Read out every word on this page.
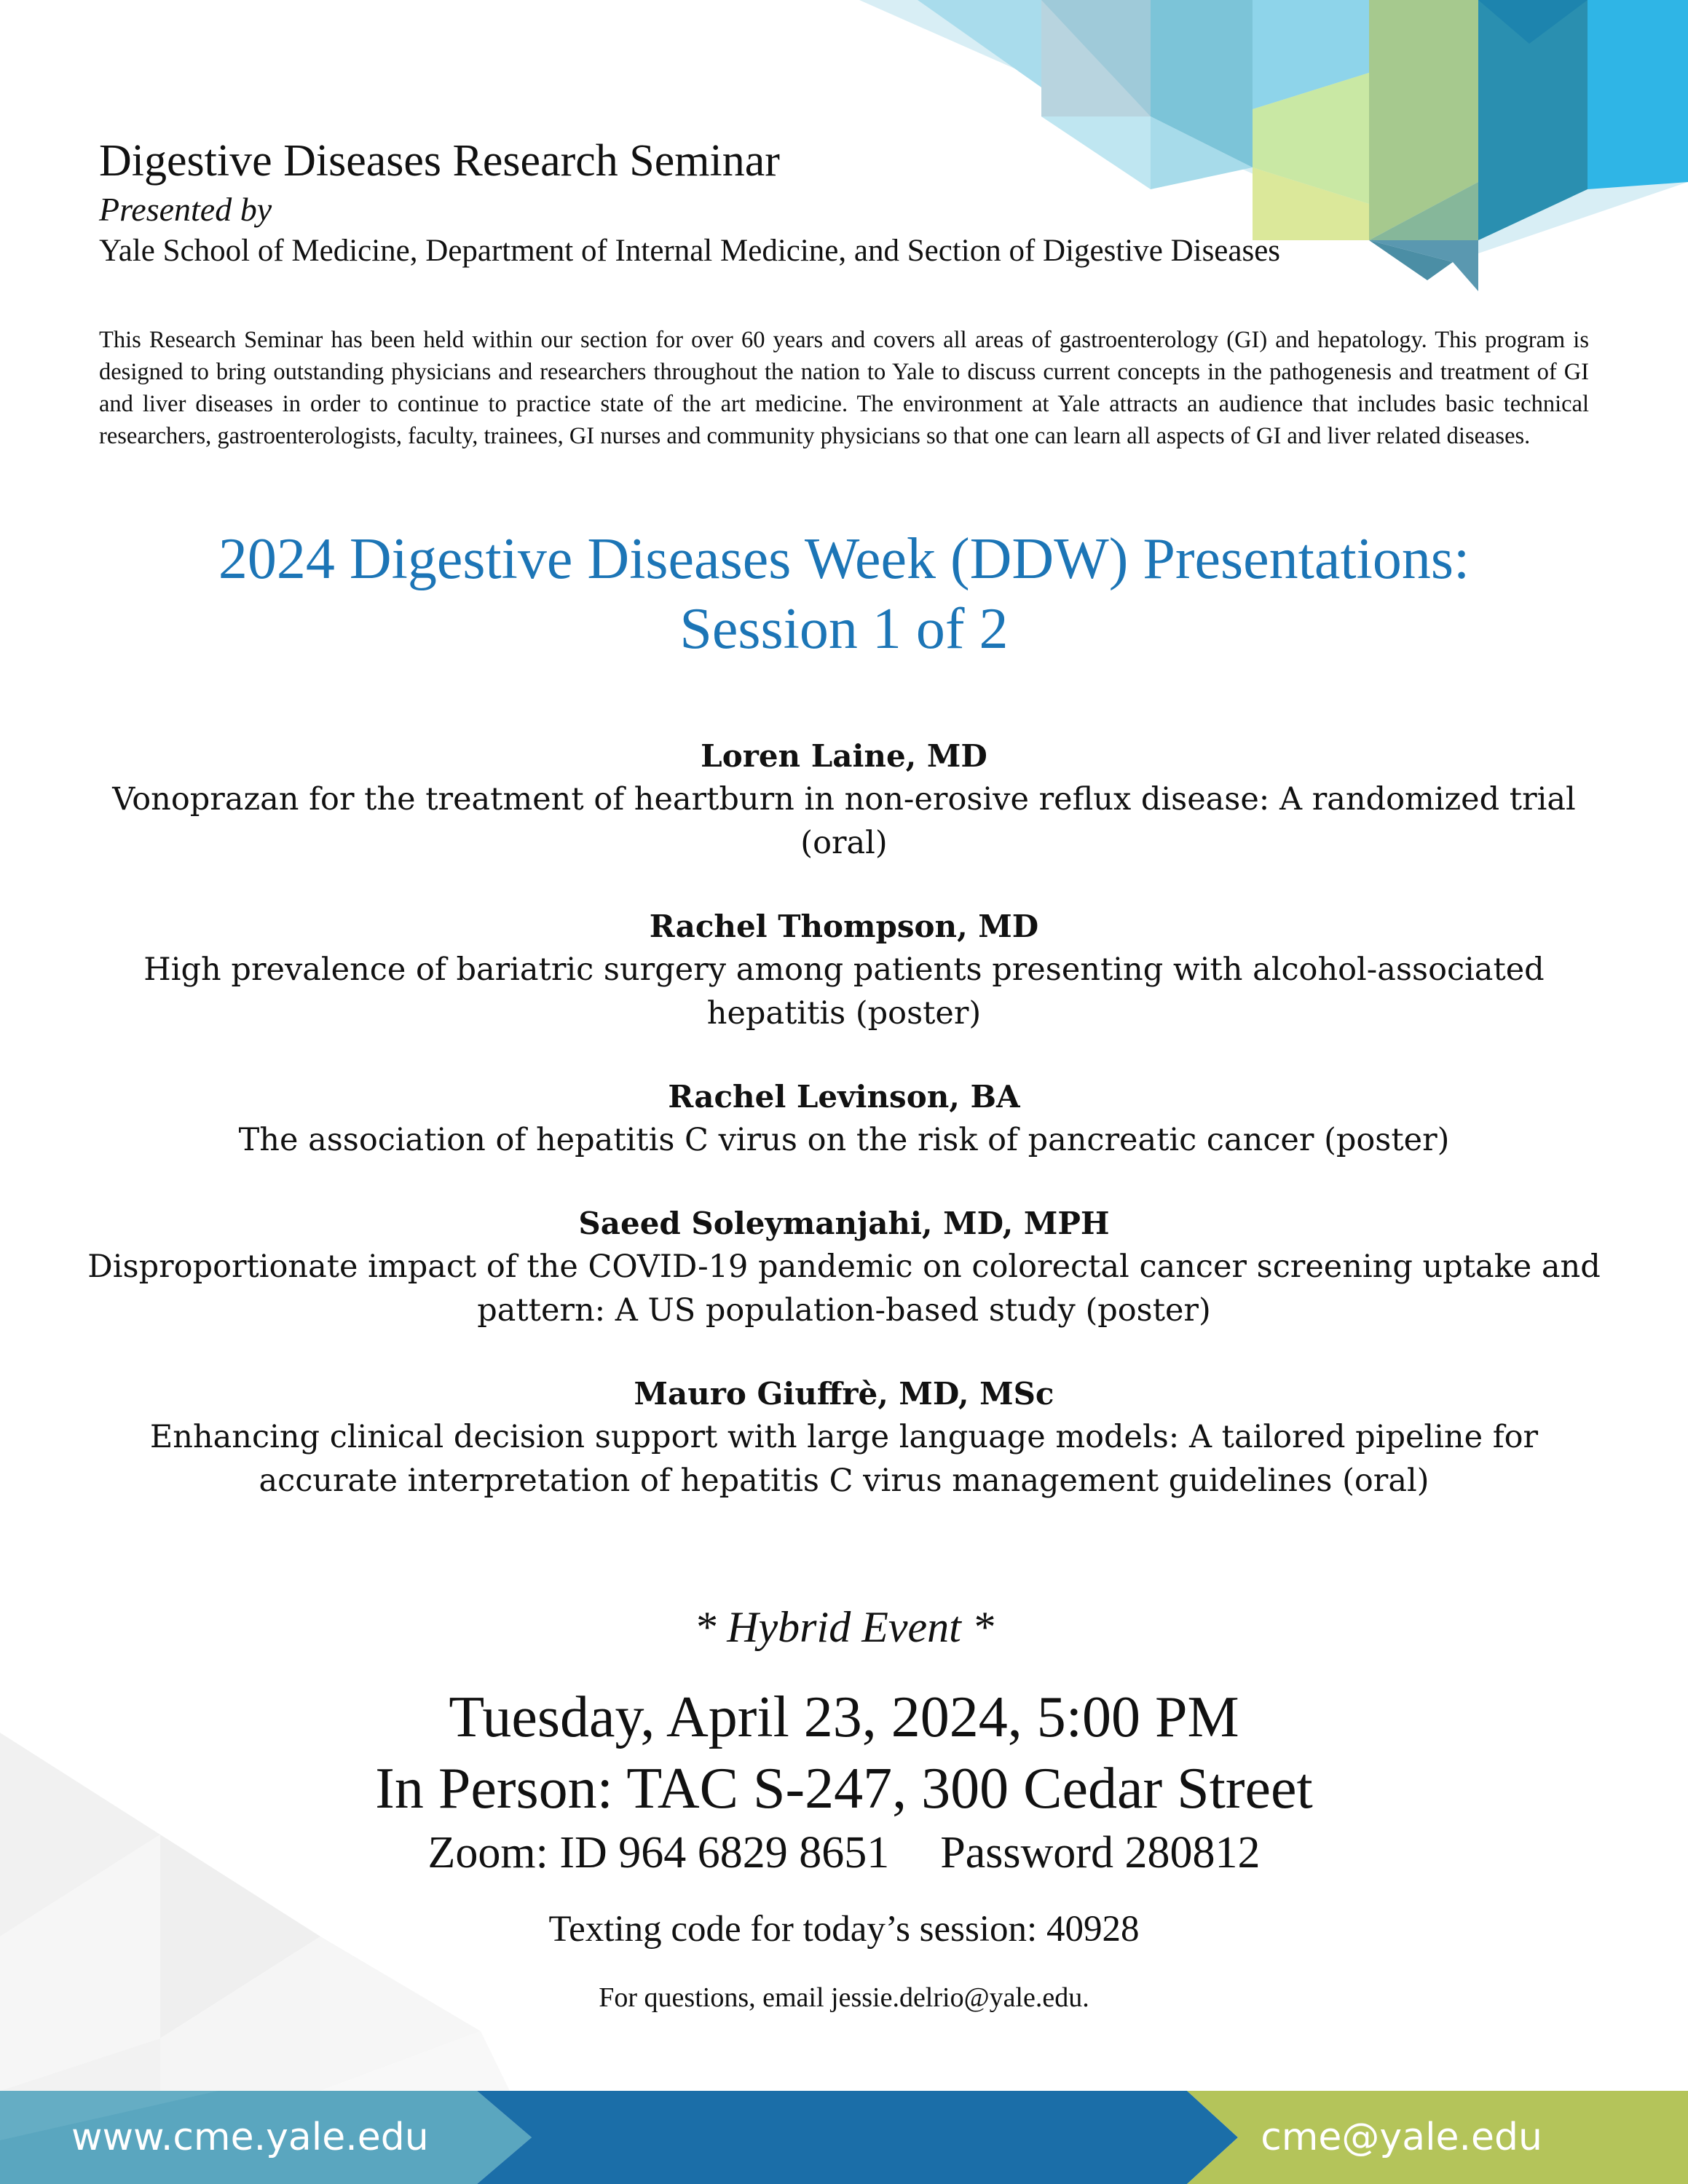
Digestive Diseases Research Seminar
Presented by
Yale School of Medicine, Department of Internal Medicine, and Section of Digestive Diseases
This Research Seminar has been held within our section for over 60 years and covers all areas of gastroenterology (GI) and hepatology. This program is designed to bring outstanding physicians and researchers throughout the nation to Yale to discuss current concepts in the pathogenesis and treatment of GI and liver diseases in order to continue to practice state of the art medicine. The environment at Yale attracts an audience that includes basic technical researchers, gastroenterologists, faculty, trainees, GI nurses and community physicians so that one can learn all aspects of GI and liver related diseases.
2024 Digestive Diseases Week (DDW) Presentations:
Session 1 of 2
Loren Laine, MD
Vonoprazan for the treatment of heartburn in non-erosive reflux disease: A randomized trial (oral)
Rachel Thompson, MD
High prevalence of bariatric surgery among patients presenting with alcohol-associated hepatitis (poster)
Rachel Levinson, BA
The association of hepatitis C virus on the risk of pancreatic cancer (poster)
Saeed Soleymanjahi, MD, MPH
Disproportionate impact of the COVID-19 pandemic on colorectal cancer screening uptake and pattern: A US population-based study (poster)
Mauro Giuffrè, MD, MSc
Enhancing clinical decision support with large language models: A tailored pipeline for accurate interpretation of hepatitis C virus management guidelines (oral)
* Hybrid Event *
Tuesday, April 23, 2024, 5:00 PM
In Person: TAC S-247, 300 Cedar Street
Zoom: ID 964 6829 8651 Password 280812
Texting code for today’s session: 40928
For questions, email jessie.delrio@yale.edu.
www.cme.yale.edu	cme@yale.edu
